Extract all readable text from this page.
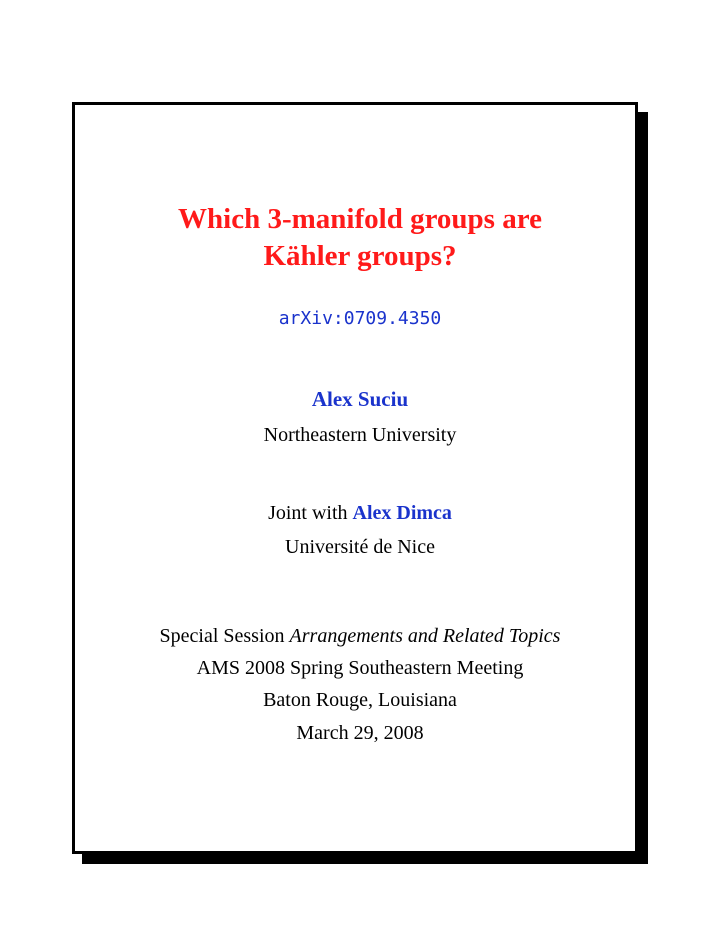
Which 3-manifold groups are
Kähler groups?
arXiv:0709.4350
Alex Suciu
Northeastern University
Joint with Alex Dimca
Université de Nice
Special Session Arrangements and Related Topics
AMS 2008 Spring Southeastern Meeting
Baton Rouge, Louisiana
March 29, 2008
